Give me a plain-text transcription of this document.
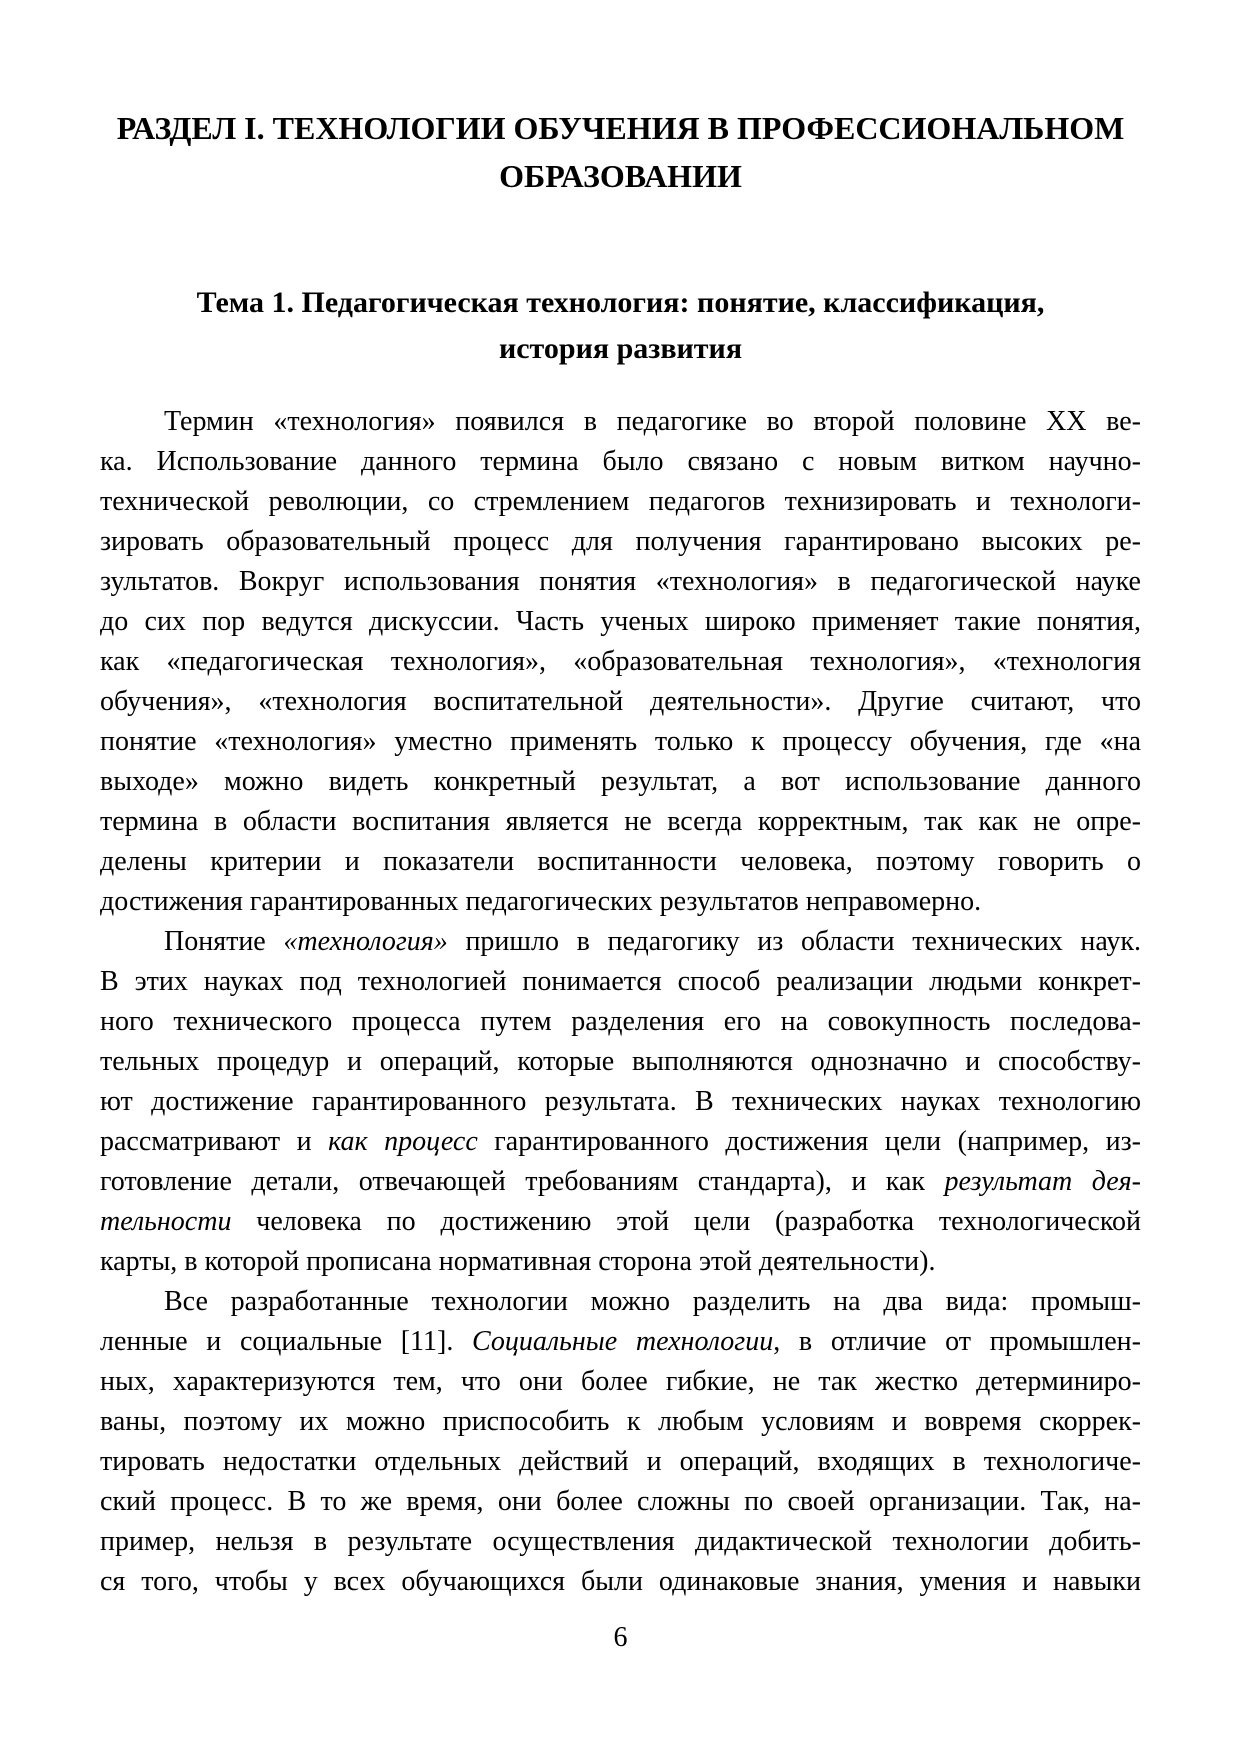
РАЗДЕЛ I. ТЕХНОЛОГИИ ОБУЧЕНИЯ В ПРОФЕССИОНАЛЬНОМ
ОБРАЗОВАНИИ
Тема 1. Педагогическая технология: понятие, классификация,
история развития
Термин «технология» появился в педагогике во второй половине XX ве-
ка. Использование данного термина было связано с новым витком научно-
технической революции, со стремлением педагогов технизировать и технологи-
зировать образовательный процесс для получения гарантировано высоких ре-
зультатов. Вокруг использования понятия «технология» в педагогической науке
до сих пор ведутся дискуссии. Часть ученых широко применяет такие понятия,
как «педагогическая технология», «образовательная технология», «технология
обучения», «технология воспитательной деятельности». Другие считают, что
понятие «технология» уместно применять только к процессу обучения, где «на
выходе» можно видеть конкретный результат, а вот использование данного
термина в области воспитания является не всегда корректным, так как не опре-
делены критерии и показатели воспитанности человека, поэтому говорить о
достижения гарантированных педагогических результатов неправомерно.
Понятие «технология» пришло в педагогику из области технических наук.
В этих науках под технологией понимается способ реализации людьми конкрет-
ного технического процесса путем разделения его на совокупность последова-
тельных процедур и операций, которые выполняются однозначно и способству-
ют достижение гарантированного результата. В технических науках технологию
рассматривают и как процесс гарантированного достижения цели (например, из-
готовление детали, отвечающей требованиям стандарта), и как результат дея-
тельности человека по достижению этой цели (разработка технологической
карты, в которой прописана нормативная сторона этой деятельности).
Все разработанные технологии можно разделить на два вида: промыш-
ленные и социальные [11]. Социальные технологии, в отличие от промышлен-
ных, характеризуются тем, что они более гибкие, не так жестко детерминиро-
ваны, поэтому их можно приспособить к любым условиям и вовремя скоррек-
тировать недостатки отдельных действий и операций, входящих в технологиче-
ский процесс. В то же время, они более сложны по своей организации. Так, на-
пример, нельзя в результате осуществления дидактической технологии добить-
ся того, чтобы у всех обучающихся были одинаковые знания, умения и навыки
6
